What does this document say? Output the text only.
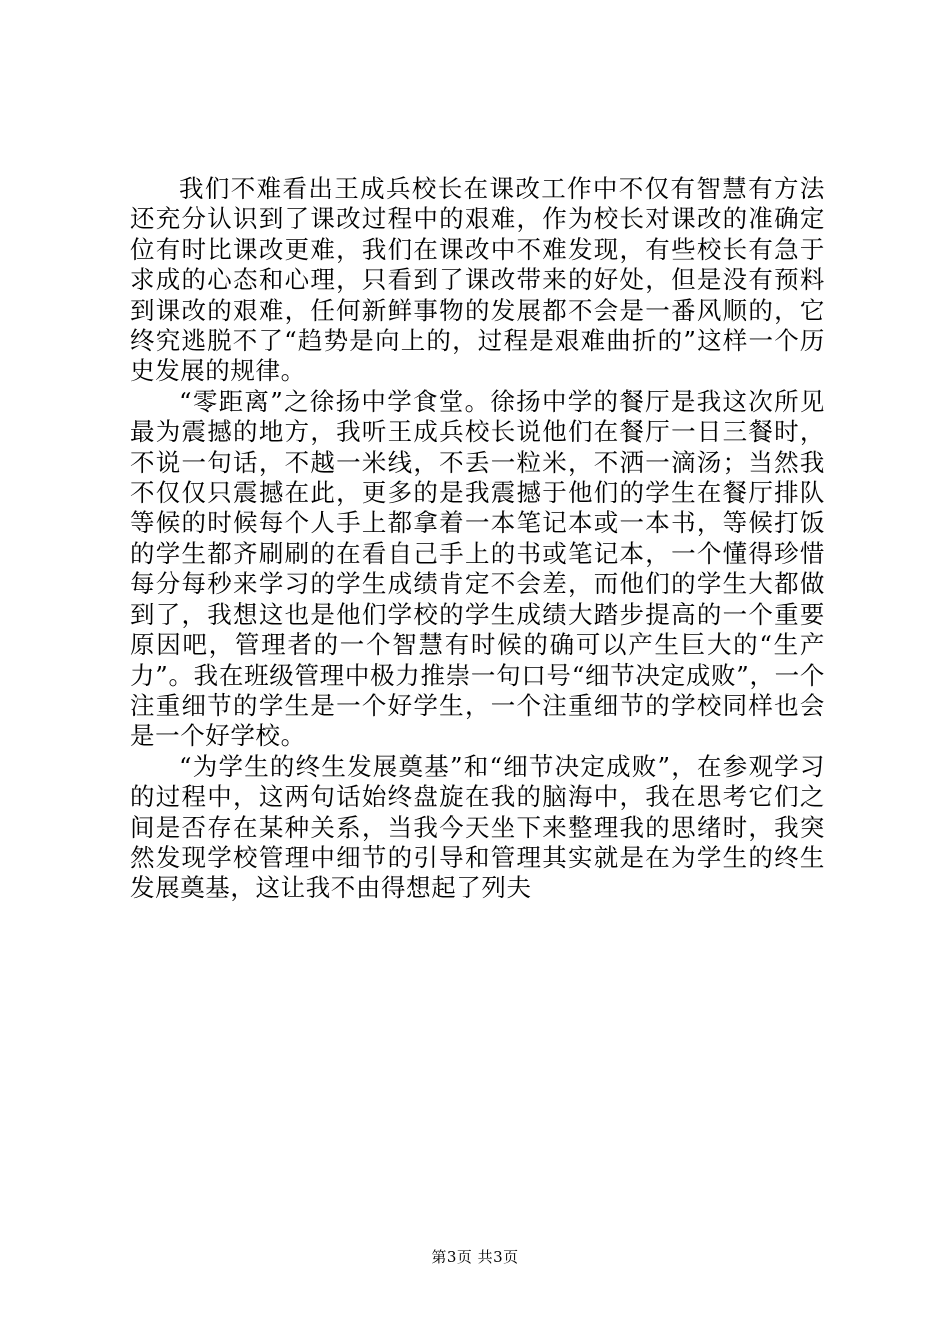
我们不难看出王成兵校长在课改工作中不仅有智慧有方法还充分认识到了课改过程中的艰难，作为校长对课改的准确定位有时比课改更难，我们在课改中不难发现，有些校长有急于求成的心态和心理，只看到了课改带来的好处，但是没有预料到课改的艰难，任何新鲜事物的发展都不会是一番风顺的，它终究逃脱不了“趋势是向上的，过程是艰难曲折的”这样一个历史发展的规律。

“零距离”之徐扬中学食堂。徐扬中学的餐厅是我这次所见最为震撼的地方，我听王成兵校长说他们在餐厅一日三餐时，不说一句话，不越一米线，不丢一粒米，不洒一滴汤；当然我不仅仅只震撼在此，更多的是我震撼于他们的学生在餐厅排队等候的时候每个人手上都拿着一本笔记本或一本书，等候打饭的学生都齐刷刷的在看自己手上的书或笔记本，一个懂得珍惜每分每秒来学习的学生成绩肯定不会差，而他们的学生大都做到了，我想这也是他们学校的学生成绩大踏步提高的一个重要原因吧，管理者的一个智慧有时候的确可以产生巨大的“生产力”。我在班级管理中极力推崇一句口号“细节决定成败”，一个注重细节的学生是一个好学生，一个注重细节的学校同样也会是一个好学校。

“为学生的终生发展奠基”和“细节决定成败”，在参观学习的过程中，这两句话始终盘旋在我的脑海中，我在思考它们之间是否存在某种关系，当我今天坐下来整理我的思绪时，我突然发现学校管理中细节的引导和管理其实就是在为学生的终生发展奠基，这让我不由得想起了列夫

第3页 共3页
